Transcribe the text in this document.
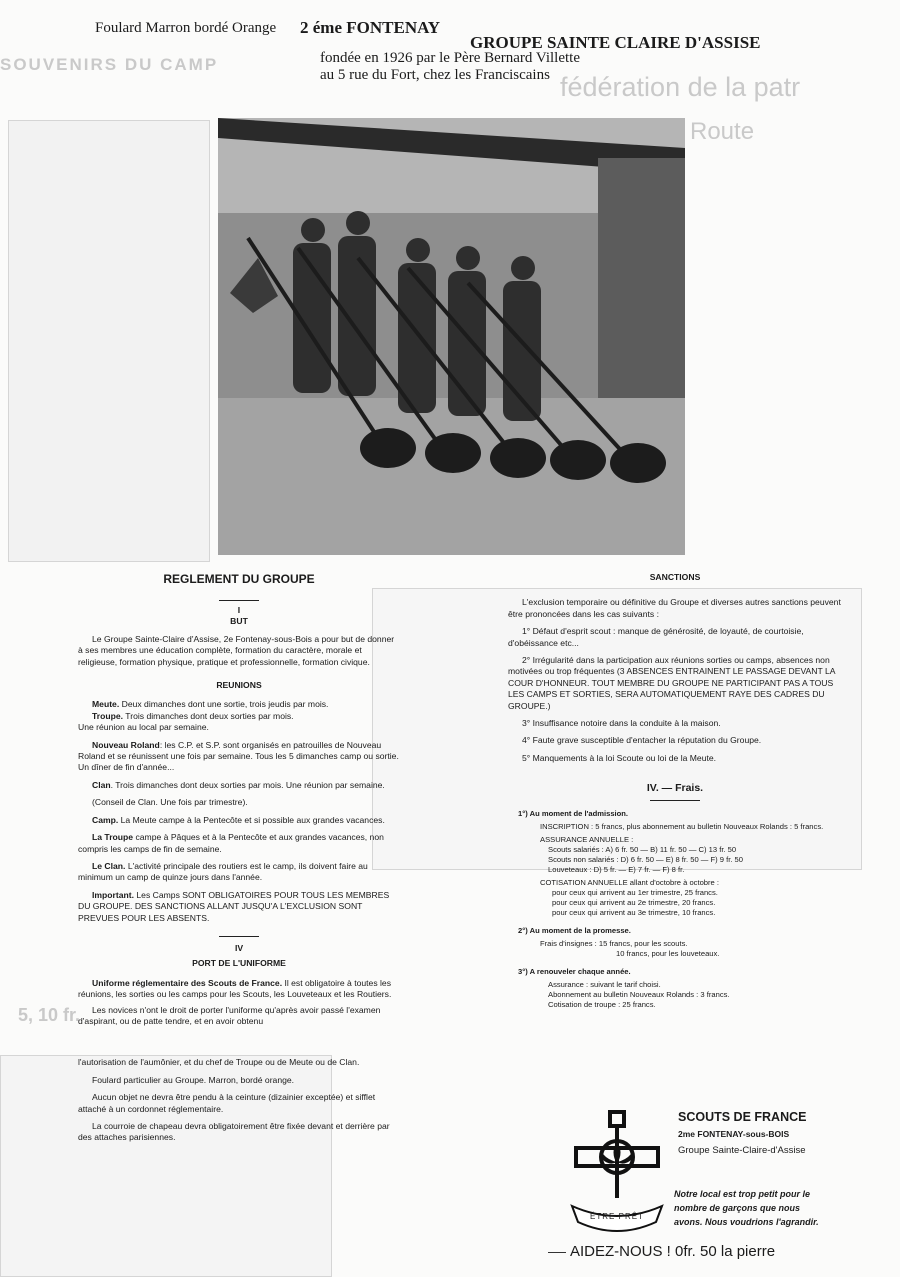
SOUVENIRS DU CAMP
fédération de la patr
Route
5, 10 fr.
Foulard Marron bordé Orange 2 éme FONTENAY
GROUPE SAINTE CLAIRE D'ASSISE
fondée en 1926 par le Père Bernard Villette
au 5 rue du Fort, chez les Franciscains
REGLEMENT DU GROUPE
I
BUT

Le Groupe Sainte-Claire d'Assise, 2e Fontenay-sous-Bois a pour but de donner à ses membres une éducation complète, formation du caractère, morale et religieuse, formation physique, pratique et professionnelle, formation civique.

REUNIONS

Meute. Deux dimanches dont une sortie, trois jeudis par mois.

Troupe. Trois dimanches dont deux sorties par mois.

Une réunion au local par semaine.

Nouveau Roland: les C.P. et S.P. sont organisés en patrouilles de Nouveau Roland et se réunissent une fois par semaine. Tous les 5 dimanches camp ou sortie. Un dîner de fin d'année...

Clan. Trois dimanches dont deux sorties par mois. Une réunion par semaine.

(Conseil de Clan. Une fois par trimestre).

Camp. La Meute campe à la Pentecôte et si possible aux grandes vacances.

La Troupe campe à Pâques et à la Pentecôte et aux grandes vacances, non compris les camps de fin de semaine.

Le Clan. L'activité principale des routiers est le camp, ils doivent faire au minimum un camp de quinze jours dans l'année.

Important. Les Camps SONT OBLIGATOIRES POUR TOUS LES MEMBRES DU GROUPE. DES SANCTIONS ALLANT JUSQU'A L'EXCLUSION SONT PREVUES POUR LES ABSENTS.

IV
PORT DE L'UNIFORME

Uniforme réglementaire des Scouts de France. Il est obligatoire à toutes les réunions, les sorties ou les camps pour les Scouts, les Louveteaux et les Routiers.

Les novices n'ont le droit de porter l'uniforme qu'après avoir passé l'examen d'aspirant, ou de patte tendre, et en avoir obtenu

l'autorisation de l'aumônier, et du chef de Troupe ou de Meute ou de Clan.

Foulard particulier au Groupe. Marron, bordé orange.

Aucun objet ne devra être pendu à la ceinture (dizainier exceptée) et sifflet attaché à un cordonnet réglementaire.

La courroie de chapeau devra obligatoirement être fixée devant et derrière par des attaches parisiennes.

SANCTIONS

L'exclusion temporaire ou définitive du Groupe et diverses autres sanctions peuvent être prononcées dans les cas suivants :

1° Défaut d'esprit scout : manque de générosité, de loyauté, de courtoisie, d'obéissance etc...

2° Irrégularité dans la participation aux réunions sorties ou camps, absences non motivées ou trop fréquentes (3 ABSENCES ENTRAINENT LE PASSAGE DEVANT LA COUR D'HONNEUR. TOUT MEMBRE DU GROUPE NE PARTICIPANT PAS A TOUS LES CAMPS ET SORTIES, SERA AUTOMATIQUEMENT RAYE DES CADRES DU GROUPE.)

3° Insuffisance notoire dans la conduite à la maison.

4° Faute grave susceptible d'entacher la réputation du Groupe.

5° Manquements à la loi Scoute ou loi de la Meute.

IV. — Frais.

1°) Au moment de l'admission.

INSCRIPTION : 5 francs, plus abonnement au bulletin Nouveaux Rolands : 5 francs.

ASSURANCE ANNUELLE :

Scouts salariés : A) 6 fr. 50 — B) 11 fr. 50 — C) 13 fr. 50

Scouts non salariés : D) 6 fr. 50 — E) 8 fr. 50 — F) 9 fr. 50

Louveteaux : D) 5 fr. — E) 7 fr. — F) 8 fr.

COTISATION ANNUELLE allant d'octobre à octobre :

pour ceux qui arrivent au 1er trimestre, 25 francs.

pour ceux qui arrivent au 2e trimestre, 20 francs.

pour ceux qui arrivent au 3e trimestre, 10 francs.

2°) Au moment de la promesse.

Frais d'insignes : 15 francs, pour les scouts.

10 francs, pour les louveteaux.

3°) A renouveler chaque année.

Assurance : suivant le tarif choisi.

Abonnement au bulletin Nouveaux Rolands : 3 francs.

Cotisation de troupe : 25 francs.

ÉTRE PRÊT
SCOUTS DE FRANCE
2me FONTENAY-sous-BOIS
Groupe Sainte-Claire-d'Assise
Notre local est trop petit pour le nombre de garçons que nous avons. Nous voudrions l'agrandir.
AIDEZ-NOUS ! 0fr. 50 la pierre
